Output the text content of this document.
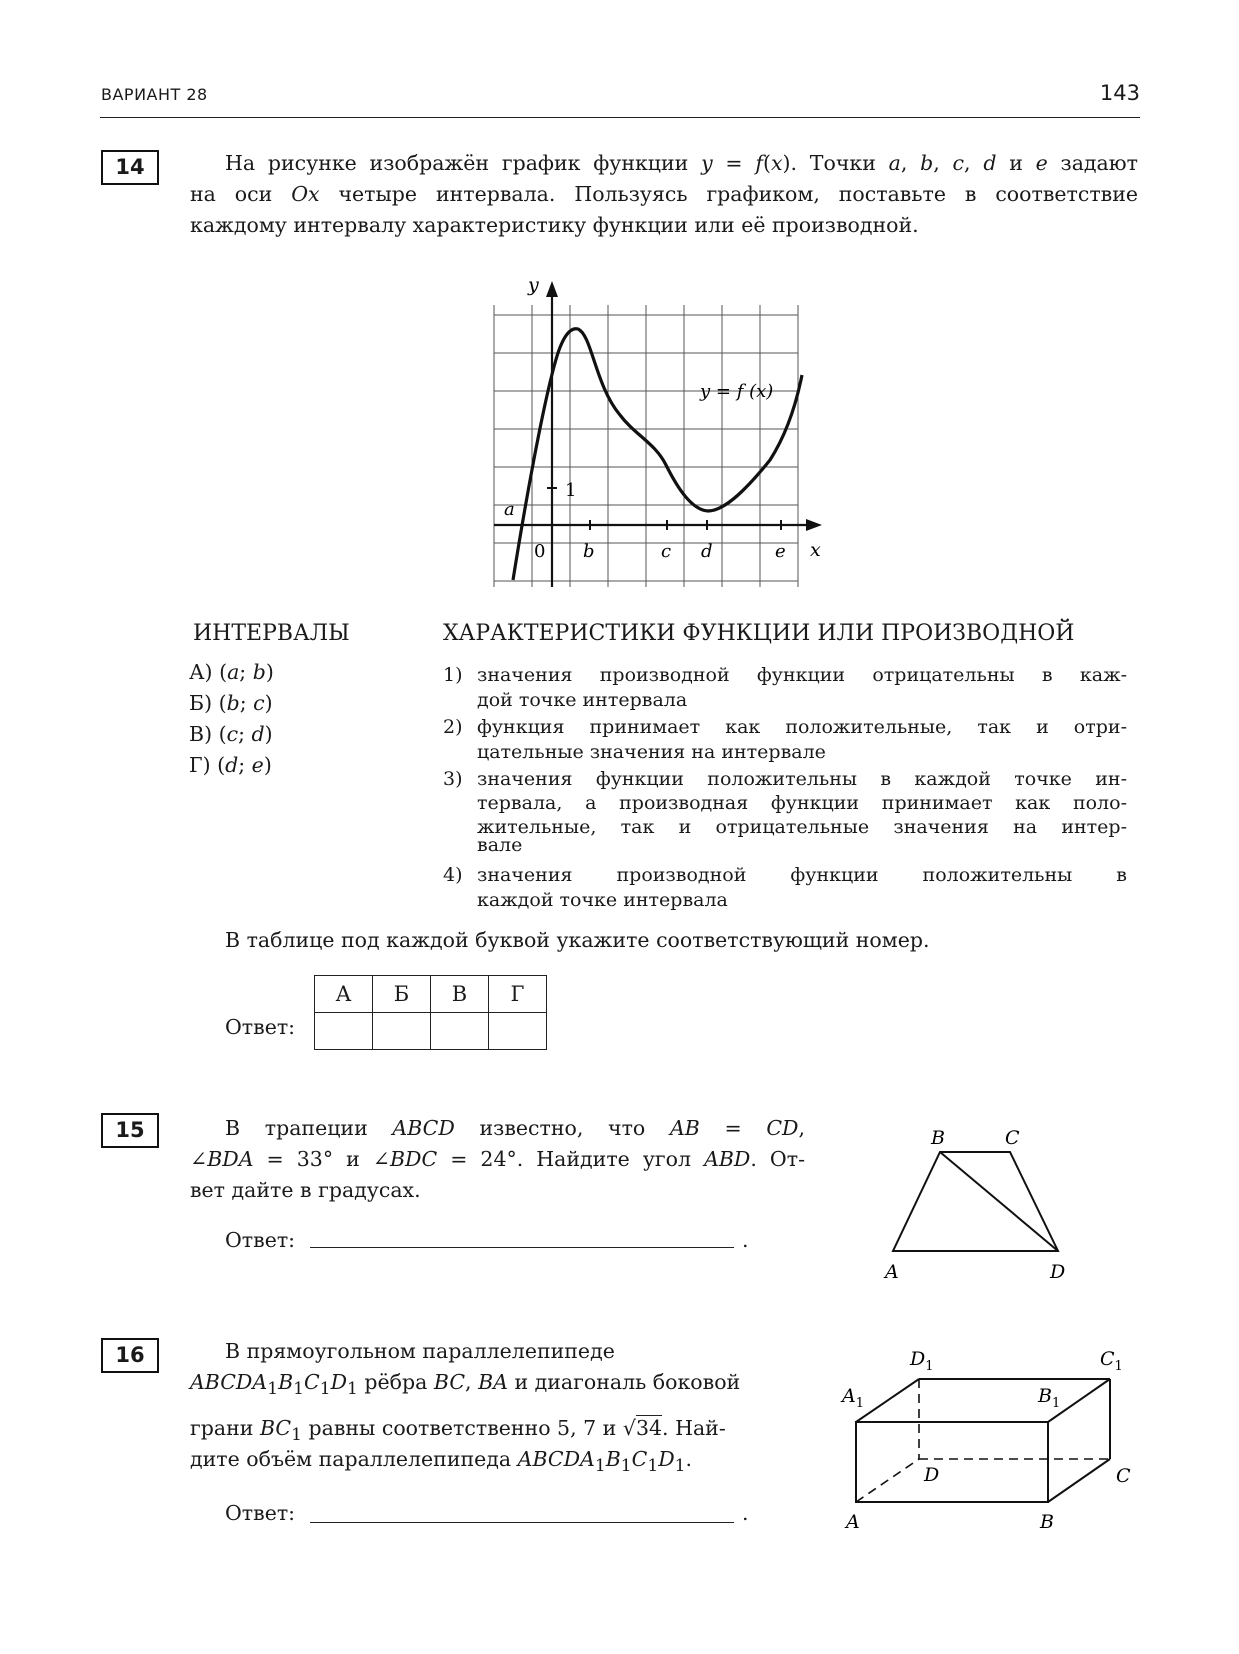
ВАРИАНТ 28	143
14	На рисунке изображён график функции y = f(x). Точки a, b, c, d и e задают
на оси Ox четыре интервала. Пользуясь графиком, поставьте в соответствие
каждому интервалу характеристику функции или её производной.
y
x
1
0
y = f (x)
a
b	c d	e
ИНТЕРВАЛЫ
А) (a; b)
Б) (b; c)
В) (c; d)
Г) (d; e)
ХАРАКТЕРИСТИКИ ФУНКЦИИ ИЛИ ПРОИЗВОДНОЙ
1) значения производной функции отрицательны в каж-
дой точке интервала
2) функция принимает как положительные, так и отри-
цательные значения на интервале
3) значения функции положительны в каждой точке ин-
тервала, а производная функции принимает как поло-
жительные, так и отрицательные значения на интер-
вале
4) значения производной функции положительны в
каждой точке интервала
В таблице под каждой буквой укажите соответствующий номер.
Ответ:
А	Б	В	Г

15	В трапеции ABCD известно, что AB = CD,
∠BDA = 33° и ∠BDC = 24°. Найдите угол ABD. От-
вет дайте в градусах.
Ответ:	.
B	C
A	D
16	В прямоугольном параллелепипеде
$ABCDA_1B_1C_1D_1$ рёбра BC, BA и диагональ боковой
грани $BC_1$ равны соответственно 5, 7 и √34. Най-
дите объём параллелепипеда $ABCDA_1B_1C_1D_1$.
Ответ:	.
$D_1$	$C_1$
$A_1$	$B_1$
D	C
A	B
